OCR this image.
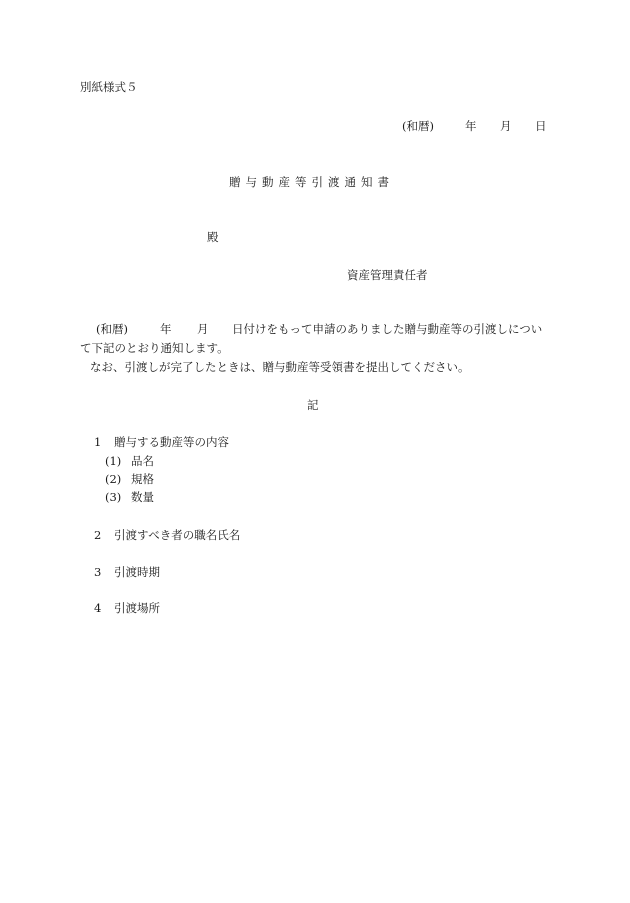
別紙様式５
(和暦)	年 月 日
贈与動産等引渡通知書
殿
資産管理責任者
(和暦)	年 月 日付けをもって申請のありました贈与動産等の引渡しについ
て下記のとおり通知します。
なお、引渡しが完了したときは、贈与動産等受領書を提出してください。
記
1 贈与する動産等の内容
(1) 品名
(2) 規格
(3) 数量
2 引渡すべき者の職名氏名
3 引渡時期
4 引渡場所
